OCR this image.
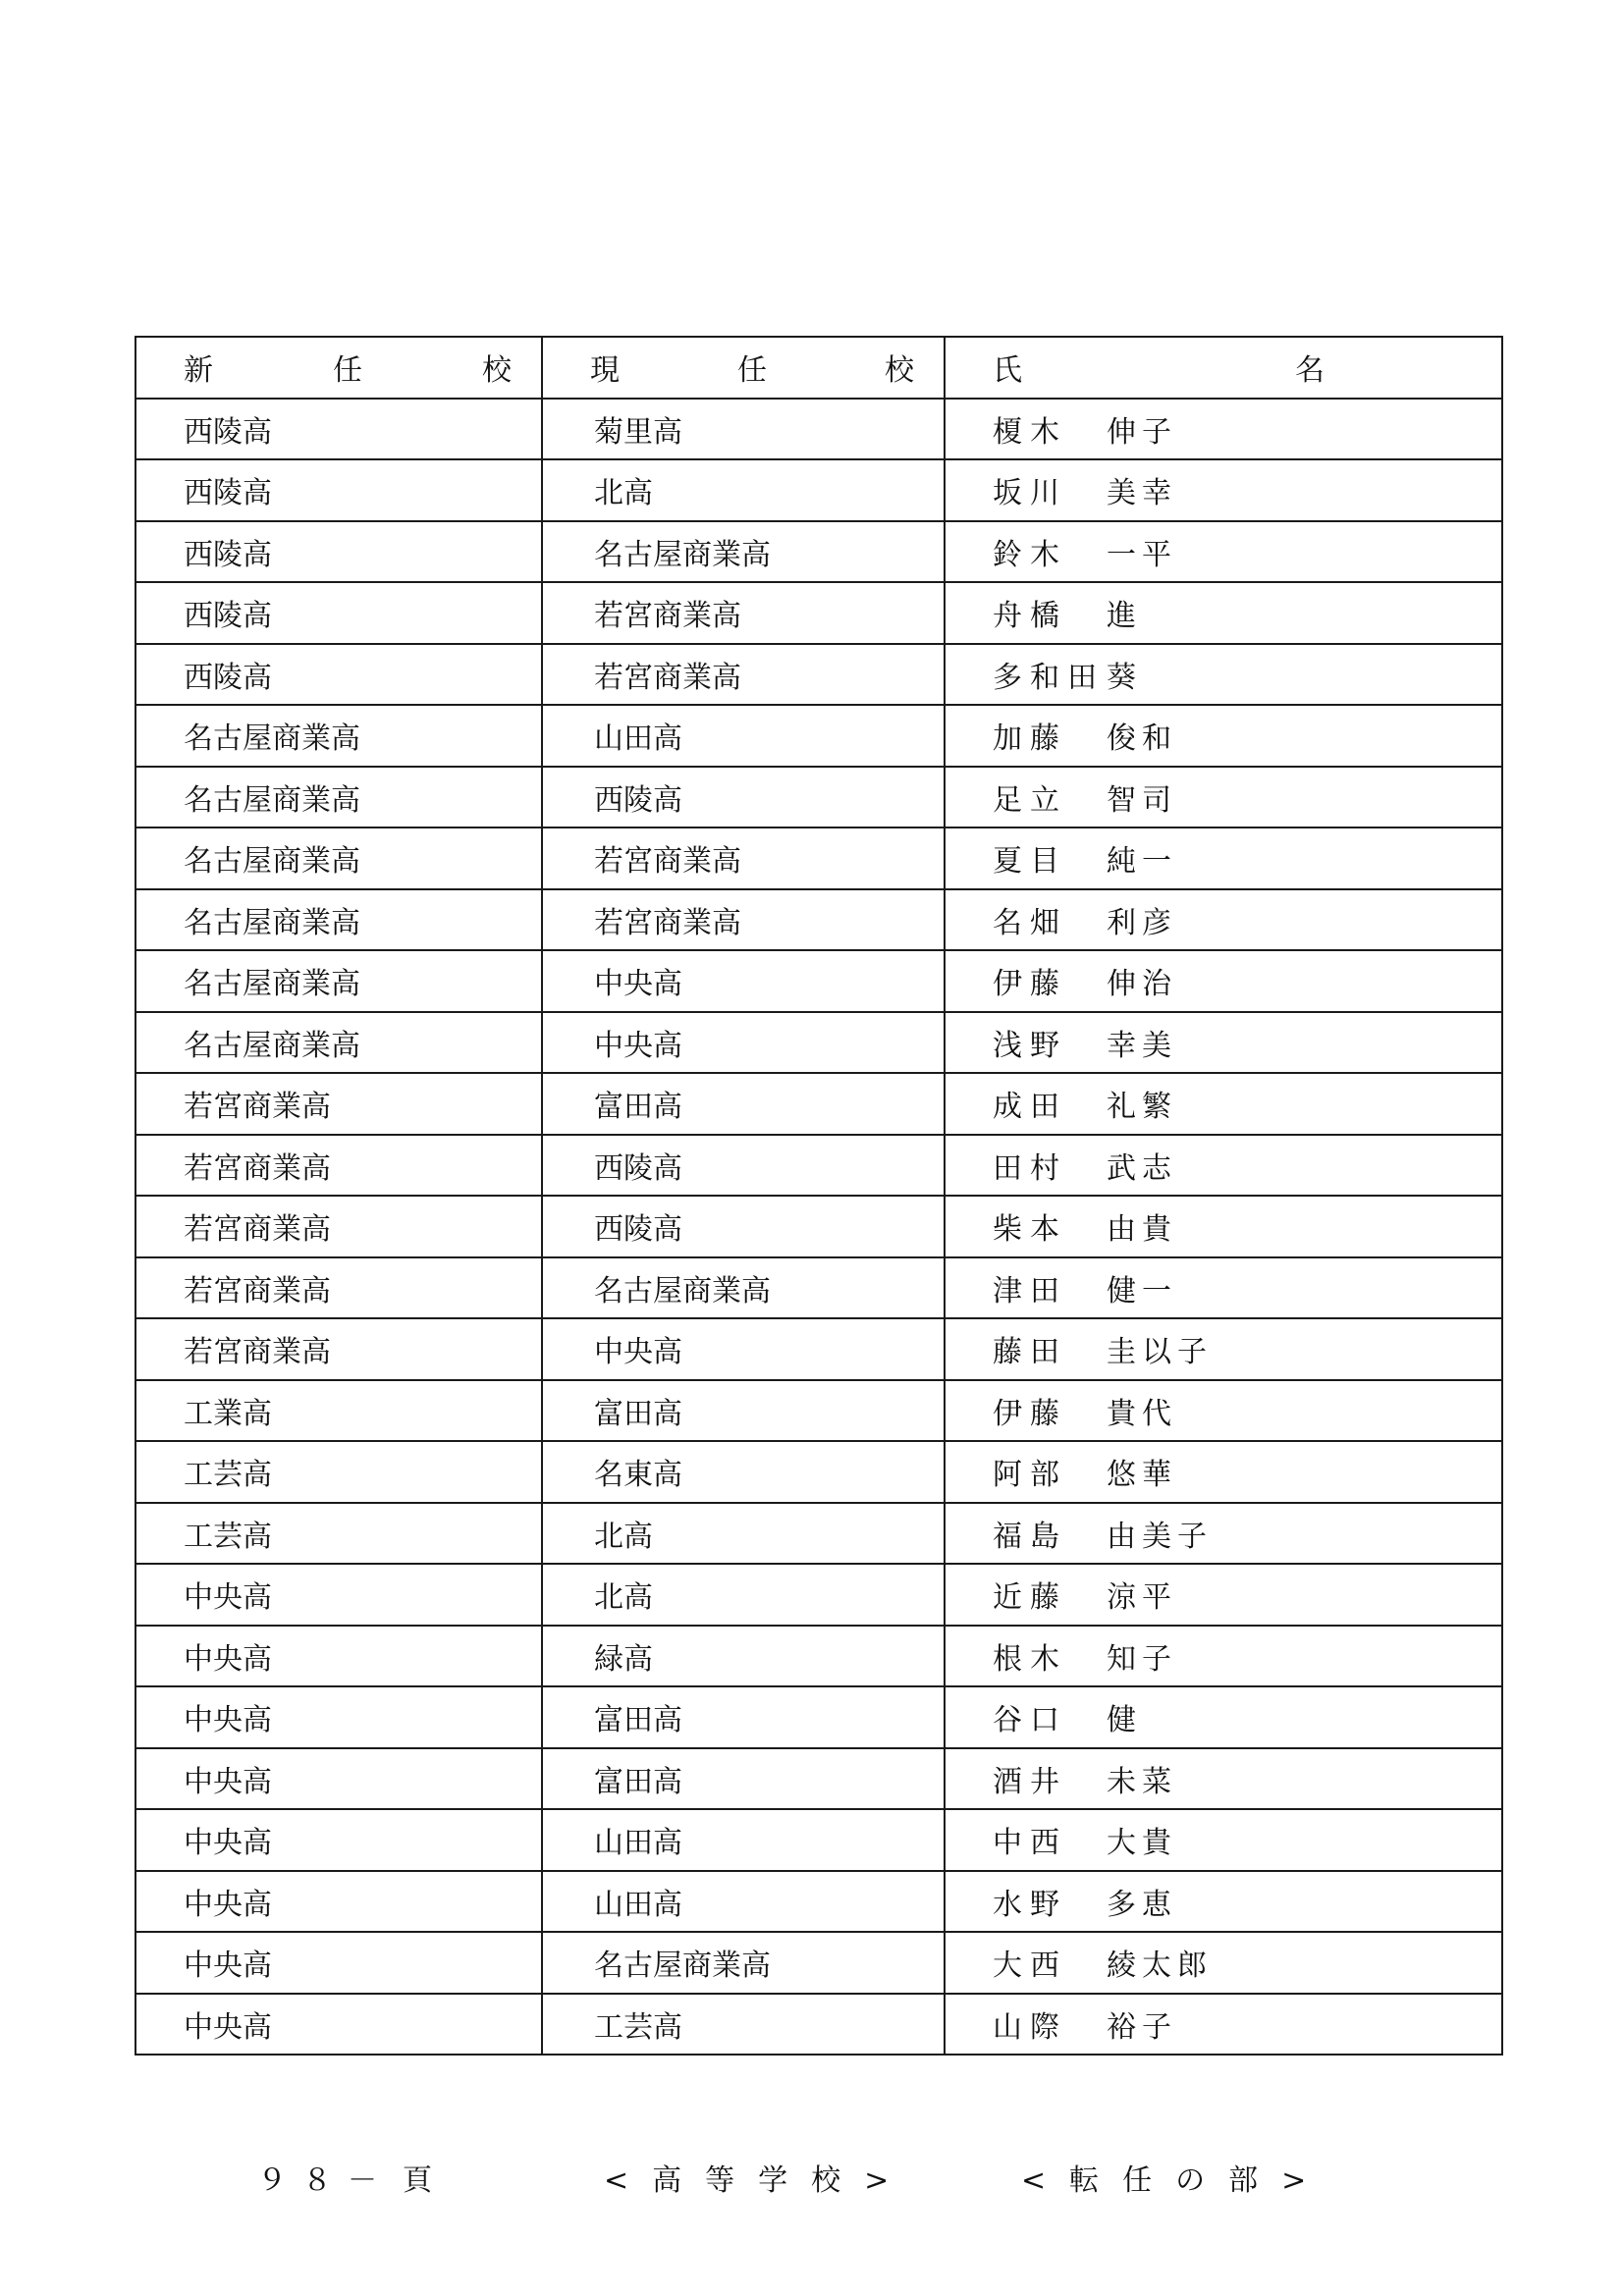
新 任 校	現 任 校	氏 名

西陵高	菊里高	榎木 伸子
西陵高	北高	坂川 美幸
西陵高	名古屋商業高	鈴木 一平
西陵高	若宮商業高	舟橋 進
西陵高	若宮商業高	多和田葵
名古屋商業高	山田高	加藤 俊和
名古屋商業高	西陵高	足立 智司
名古屋商業高	若宮商業高	夏目 純一
名古屋商業高	若宮商業高	名畑 利彦
名古屋商業高	中央高	伊藤 伸治
名古屋商業高	中央高	浅野 幸美
若宮商業高	富田高	成田 礼繁
若宮商業高	西陵高	田村 武志
若宮商業高	西陵高	柴本 由貴
若宮商業高	名古屋商業高	津田 健一
若宮商業高	中央高	藤田 圭以子
工業高	富田高	伊藤 貴代
工芸高	名東高	阿部 悠華
工芸高	北高	福島 由美子
中央高	北高	近藤 涼平
中央高	緑高	根木 知子
中央高	富田高	谷口 健
中央高	富田高	酒井 未菜
中央高	山田高	中西 大貴
中央高	山田高	水野 多恵
中央高	名古屋商業高	大西 綾太郎
中央高	工芸高	山際 裕子
９８－ 頁	<高等学校>	<転任の部>
